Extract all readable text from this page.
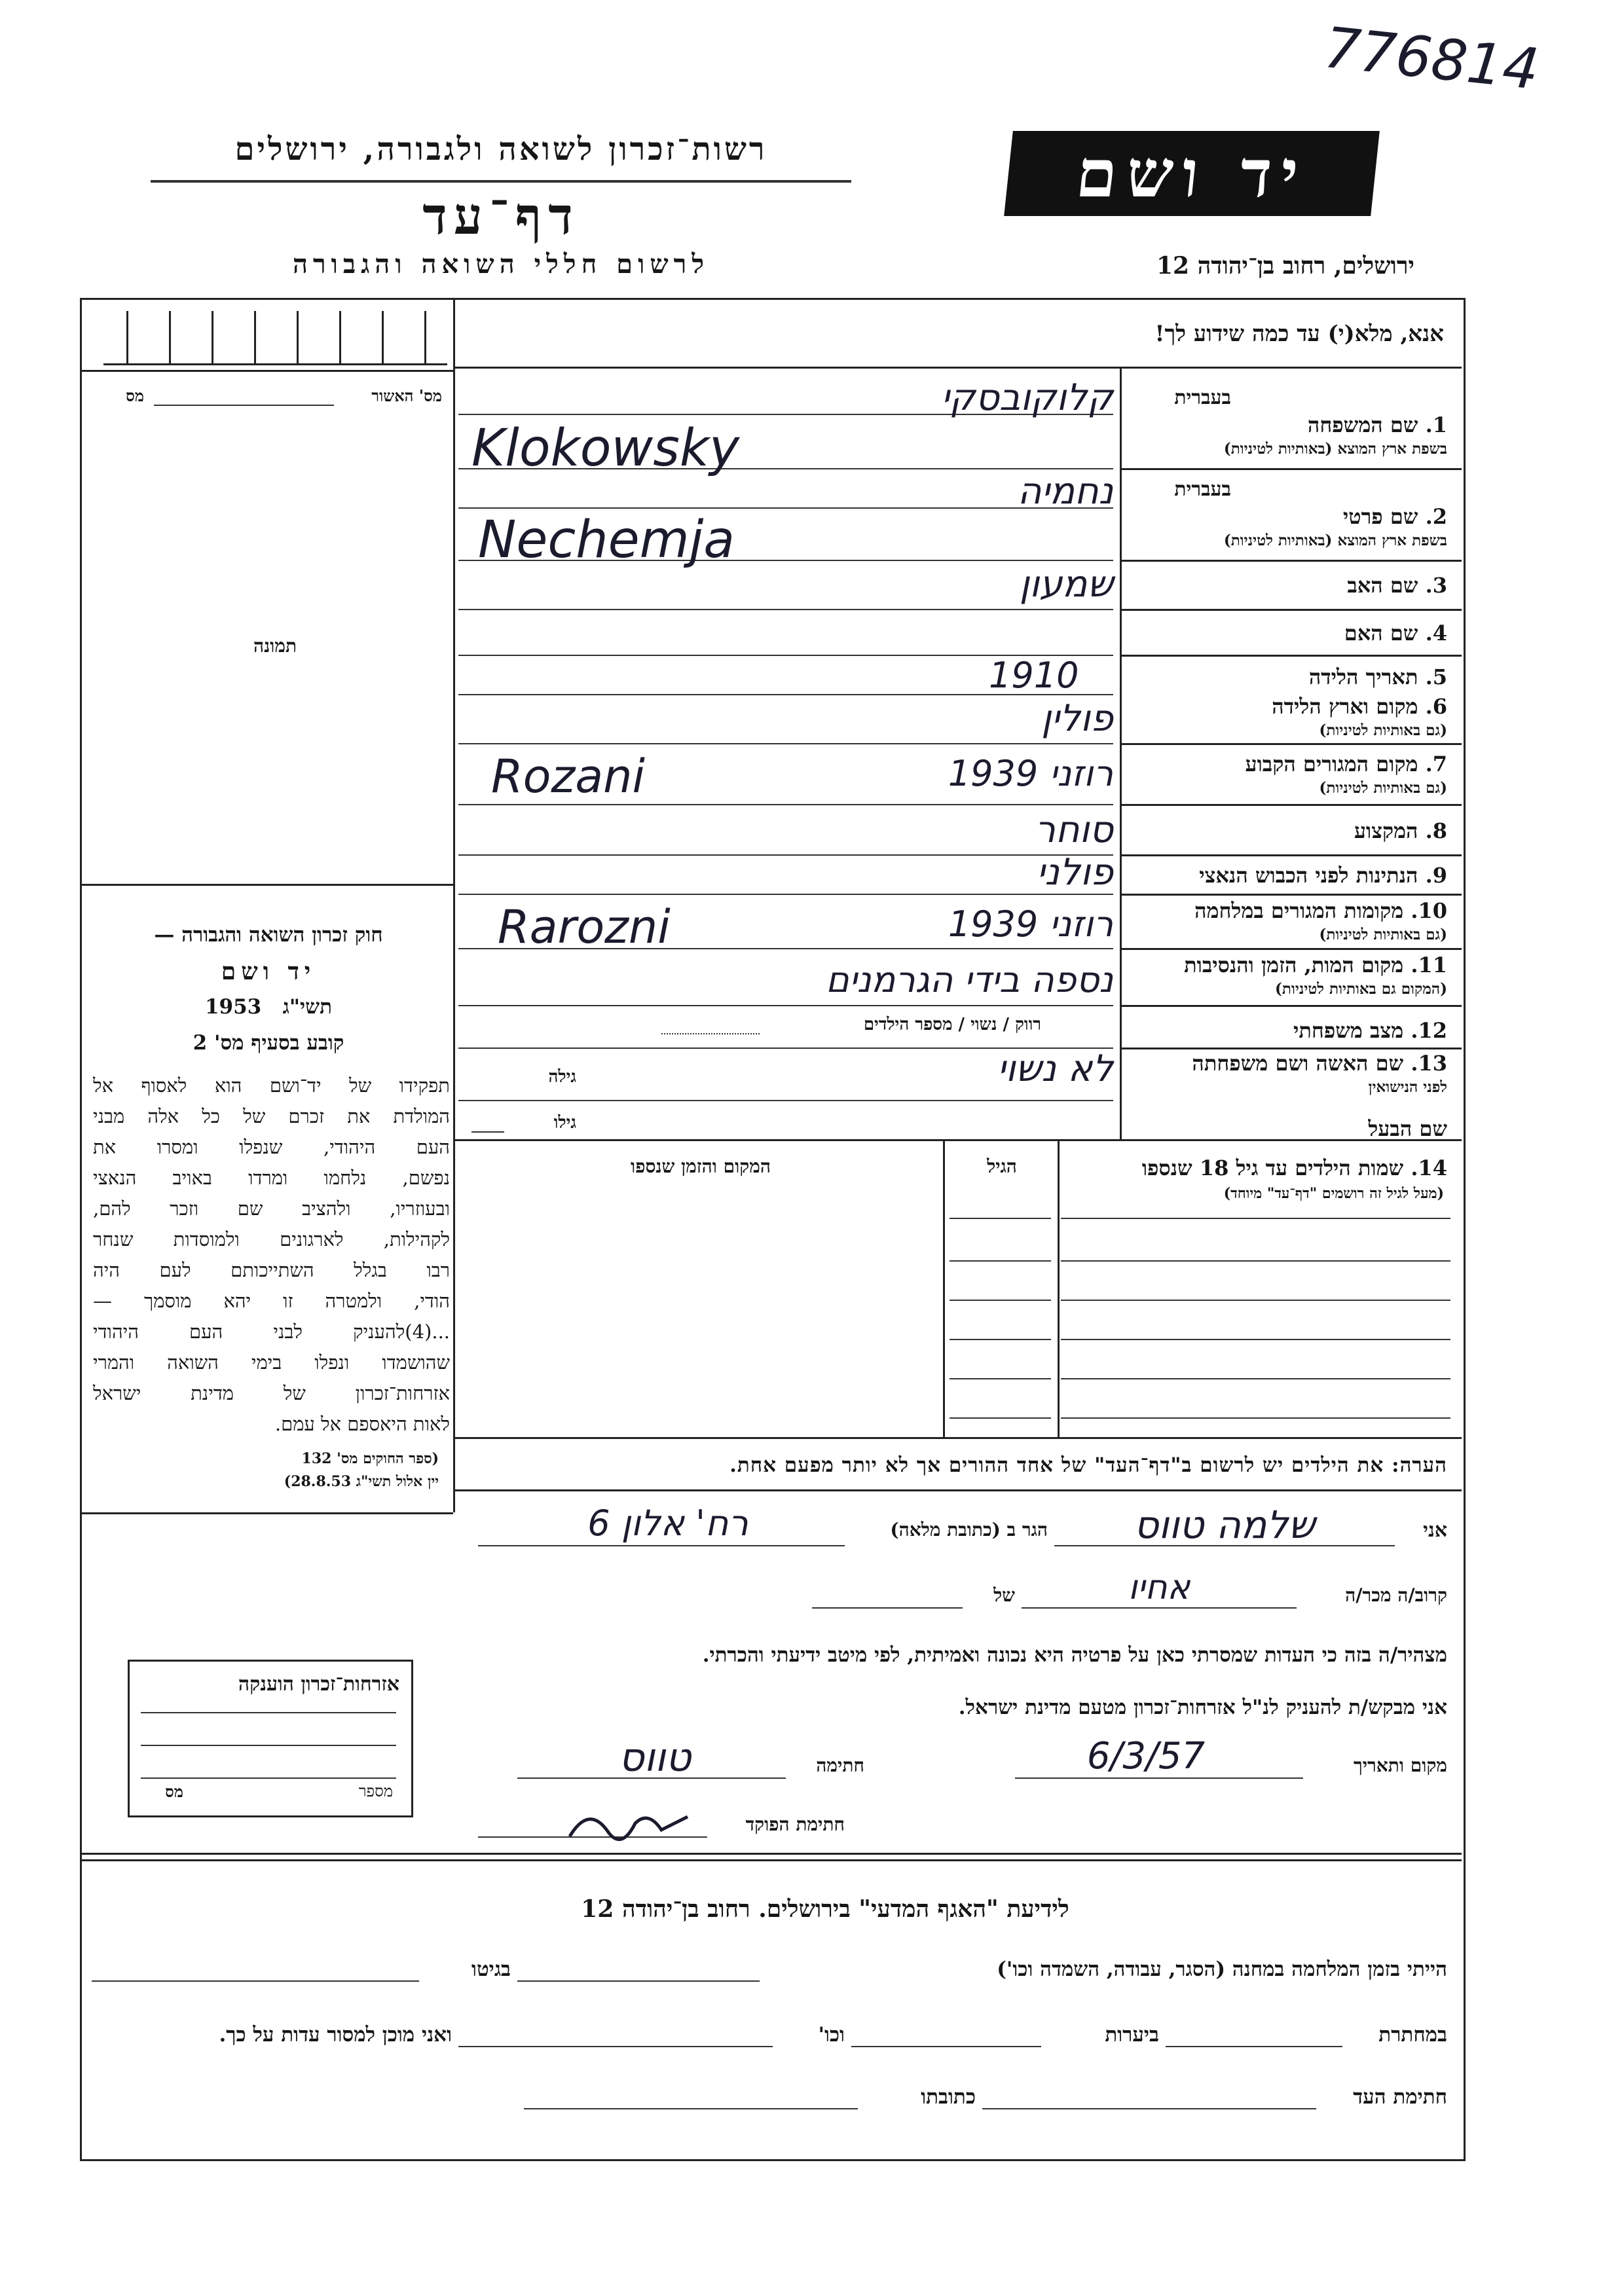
776814
רשות־זכרון לשואה ולגבורה, ירושלים
דף־עד
לרשום חללי השואה והגבורה
יד ושם
ירושלים, רחוב בן־יהודה 12
מס' האשור
מס
תמונה
חוק זכרון השואה והגבורה —
יד ושם
1953 תשי"ג
קובע בסעיף מס' 2
תפקידו של יד־ושם הוא לאסוף אל
המולדת את זכרם של כל אלה מבני
העם היהודי, שנפלו ומסרו את
נפשם, נלחמו ומרדו באויב הנאצי
ובעוזריו, ולהציב שם וזכר להם,
לקהילות, לארגונים ולמוסדות שנחר
רבו בגלל השתייכותם לעם היה
הודי, ולמטרה זו יהא מוסמך —
...(4)להעניק לבני העם היהודי
שהושמדו ונפלו בימי השואה והמרי
אזרחות־זכרון של מדינת ישראל
לאות היאספם אל עמם.
(ספר החוקים מס' 132
יין אלול תשי"ג 28.8.53)
אזרחות־זכרון הוענקה
מספר
מס
אנא, מלא(י) עד כמה שידוע לך!
בעברית
1. שם המשפחה
בשפת ארץ המוצא (באותיות לטיניות)
בעברית
2. שם פרטי
בשפת ארץ המוצא (באותיות לטיניות)
3. שם האב
4. שם האם
5. תאריך הלידה
6. מקום וארץ הלידה
(גם באותיות לטיניות)
7. מקום המגורים הקבוע
(גם באותיות לטיניות)
8. המקצוע
9. הנתינות לפני הכבוש הנאצי
10. מקומות המגורים במלחמה
(גם באותיות לטיניות)
11. מקום המות, הזמן והנסיבות
(המקום גם באותיות לטיניות)
12. מצב משפחתי
13. שם האשה ושם משפחתה
לפני הנישואין
שם הבעל
קלוקובסקי
Klokowsky
נחמיה
Nechemja
שמעון
1910
פולין
Rozani	רוזני 1939
סוחר
פולני
Rarozni	רוזני 1939
נספה בידי הגרמנים
רווק / נשוי / מספר הילדים
לא נשוי
גילה
גילו
14. שמות הילדים עד גיל 18 שנספו
(מעל לגיל זה רושמים "דף־עד" מיוחד)
הגיל
המקום והזמן שנספו
הערה: את הילדים יש לרשום ב"דף־העד" של אחד ההורים אך לא יותר מפעם אחת.
אני
שלמה טווס
הגר ב (כתובת מלאה)
רח' אלון 6
קרוב/ה מכר/ה
אחיו
של
מצהיר/ה בזה כי העדות שמסרתי כאן על פרטיה היא נכונה ואמיתית, לפי מיטב ידיעתי והכרתי.
אני מבקש/ת להעניק לנ"ל אזרחות־זכרון מטעם מדינת ישראל.
מקום ותאריך
6/3/57
חתימה
טווס
חתימת הפוקד
לידיעת "האגף המדעי" בירושלים. רחוב בן־יהודה 12
הייתי בזמן המלחמה במחנה (הסגר, עבודה, השמדה וכו')
בגיטו
במחתרת
ביערות
וכו'
ואני מוכן למסור עדות על כך.
חתימת העד
כתובתו
